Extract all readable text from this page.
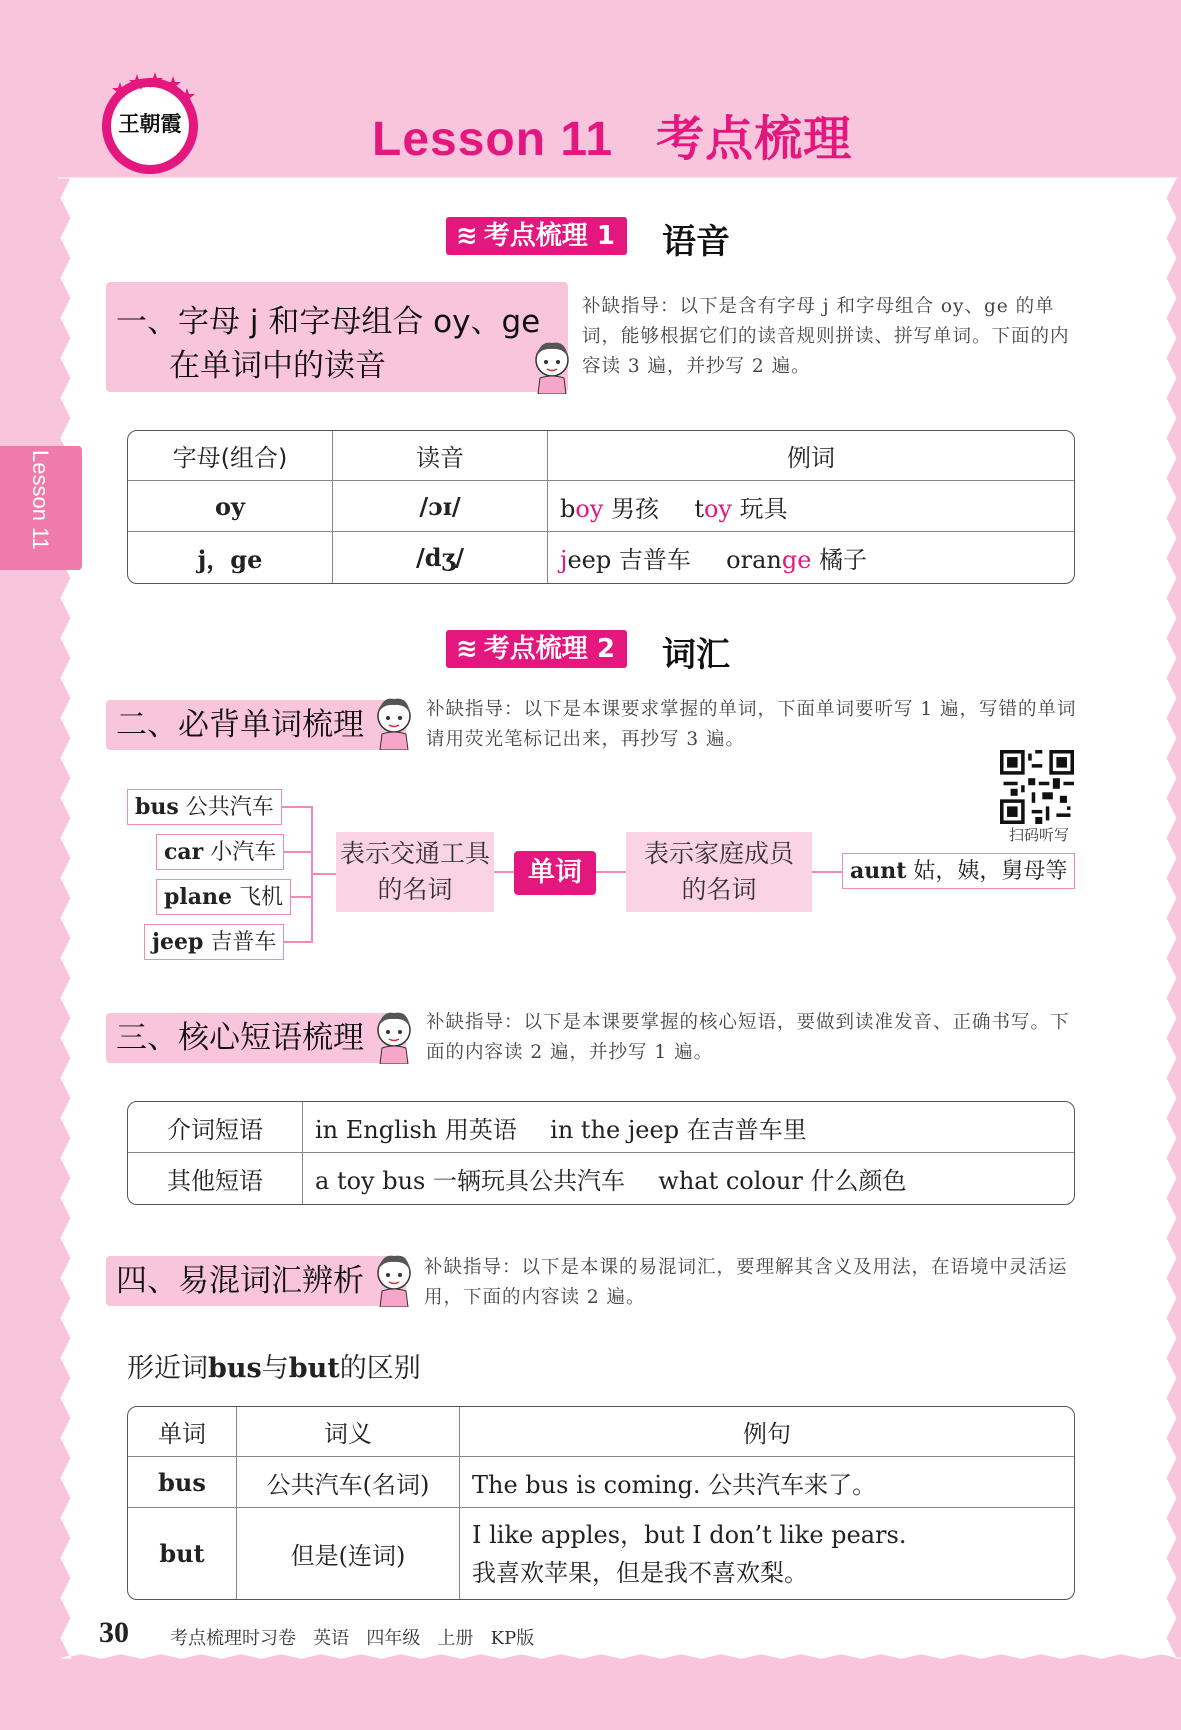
王朝霞	Lesson 11   考点梳理
Lesson 11
≋ 考点梳理 1	语音
一、字母 j 和字母组合 oy、ge
在单词中的读音
补缺指导：以下是含有字母 j 和字母组合 oy、ge 的单词，能够根据它们的读音规则拼读、拼写单词。下面的内容读 3 遍，并抄写 2 遍。
字母(组合)	读音	例词
oy	/ɔɪ/	boy 男孩 toy 玩具
j，ge	/dʒ/	jeep 吉普车 orange 橘子
≋ 考点梳理 2	词汇
二、必背单词梳理	补缺指导：以下是本课要求掌握的单词，下面单词要听写 1 遍，写错的单词请用荧光笔标记出来，再抄写 3 遍。
扫码听写
bus 公共汽车
car 小汽车
plane 飞机
jeep 吉普车
表示交通工具的名词
单词
表示家庭成员的名词
aunt 姑，姨，舅母等
三、核心短语梳理	补缺指导：以下是本课要掌握的核心短语，要做到读准发音、正确书写。下面的内容读 2 遍，并抄写 1 遍。
介词短语	in English 用英语 in the jeep 在吉普车里
其他短语	a toy bus 一辆玩具公共汽车 what colour 什么颜色
四、易混词汇辨析	补缺指导：以下是本课的易混词汇，要理解其含义及用法，在语境中灵活运用，下面的内容读 2 遍。
形近词bus与but的区别
单词	词义	例句
bus	公共汽车(名词)	The bus is coming. 公共汽车来了。
but	但是(连词)	I like apples，but I don’t like pears.
我喜欢苹果，但是我不喜欢梨。
30 考点梳理时习卷   英语   四年级   上册   KP版
